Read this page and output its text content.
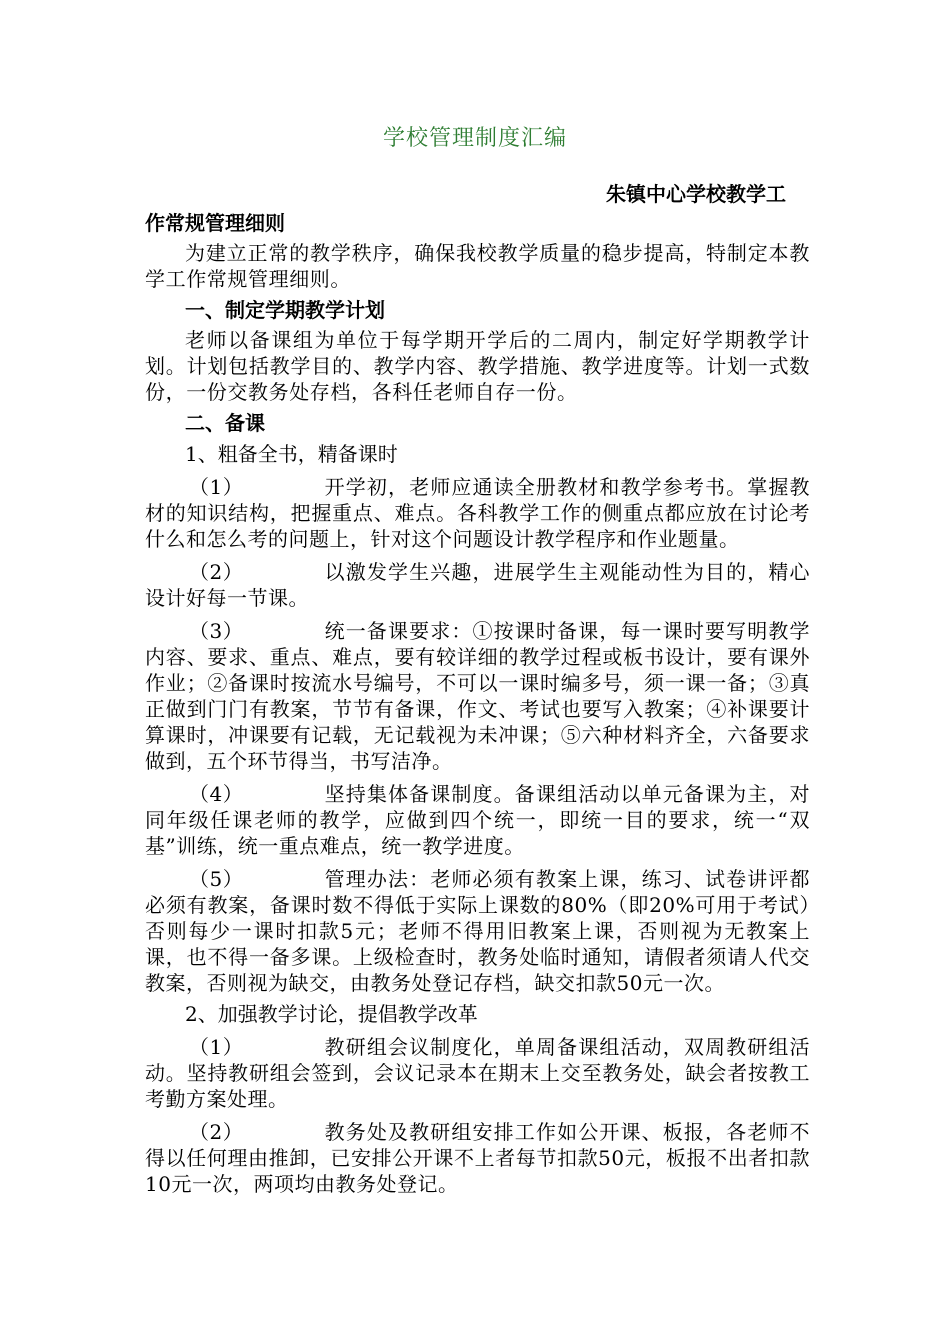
学校管理制度汇编
朱镇中心学校教学工
作常规管理细则
为建立正常的教学秩序，确保我校教学质量的稳步提高，特制定本教学工作常规管理细则。
一、制定学期教学计划
老师以备课组为单位于每学期开学后的二周内，制定好学期教学计划。计划包括教学目的、教学内容、教学措施、教学进度等。计划一式数份，一份交教务处存档，各科任老师自存一份。
二、备课
1、粗备全书，精备课时
（1）	开学初，老师应通读全册教材和教学参考书。掌握教材的知识结构，把握重点、难点。各科教学工作的侧重点都应放在讨论考什么和怎么考的问题上，针对这个问题设计教学程序和作业题量。
（2）	以激发学生兴趣，进展学生主观能动性为目的，精心设计好每一节课。
（3）	统一备课要求：①按课时备课，每一课时要写明教学内容、要求、重点、难点，要有较详细的教学过程或板书设计，要有课外作业；②备课时按流水号编号，不可以一课时编多号，须一课一备；③真正做到门门有教案，节节有备课，作文、考试也要写入教案；④补课要计算课时，冲课要有记载，无记载视为未冲课；⑤六种材料齐全，六备要求做到，五个环节得当，书写洁净。
（4）	坚持集体备课制度。备课组活动以单元备课为主，对同年级任课老师的教学，应做到四个统一，即统一目的要求，统一“双基”训练，统一重点难点，统一教学进度。
（5）	管理办法：老师必须有教案上课，练习、试卷讲评都必须有教案，备课时数不得低于实际上课数的80%（即20%可用于考试）否则每少一课时扣款5元；老师不得用旧教案上课，否则视为无教案上课，也不得一备多课。上级检查时，教务处临时通知，请假者须请人代交教案，否则视为缺交，由教务处登记存档，缺交扣款50元一次。
2、加强教学讨论，提倡教学改革
（1）	教研组会议制度化，单周备课组活动，双周教研组活动。坚持教研组会签到，会议记录本在期末上交至教务处，缺会者按教工考勤方案处理。
（2）	教务处及教研组安排工作如公开课、板报，各老师不得以任何理由推卸，已安排公开课不上者每节扣款50元，板报不出者扣款10元一次，两项均由教务处登记。
